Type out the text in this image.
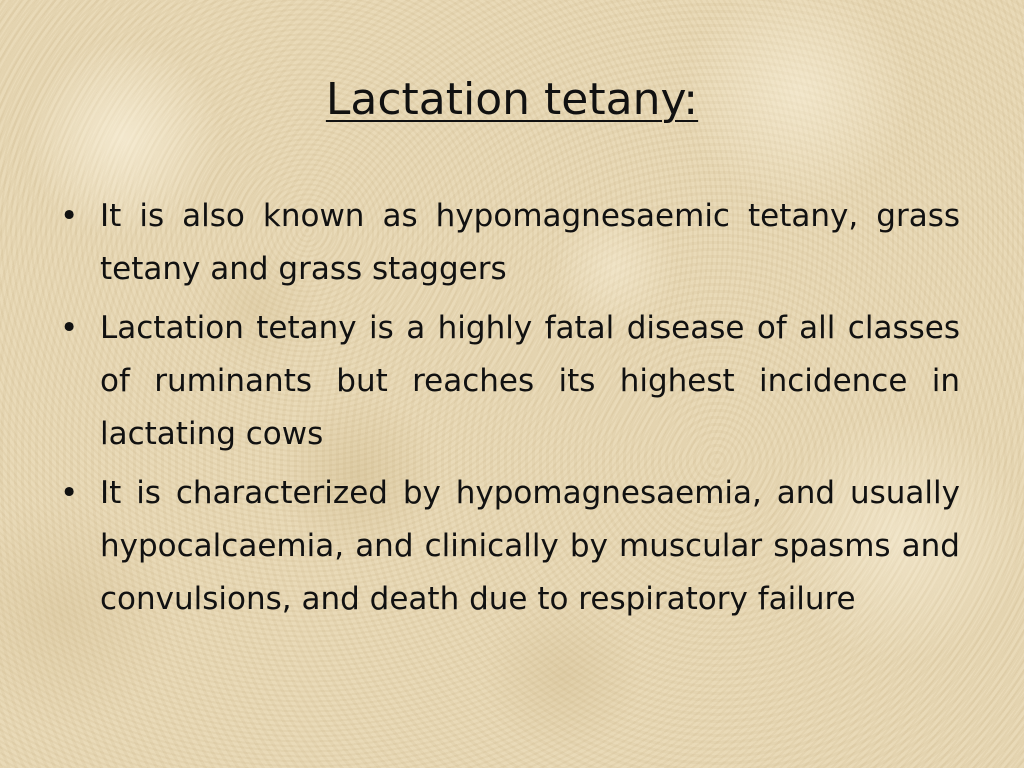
Lactation tetany:
• It is also known as hypomagnesaemic tetany, grass tetany and grass staggers
• Lactation tetany is a highly fatal disease of all classes of ruminants but reaches its highest incidence in lactating cows
• It is characterized by hypomagnesaemia, and usually hypocalcaemia, and clinically by muscular spasms and convulsions, and death due to respiratory failure
